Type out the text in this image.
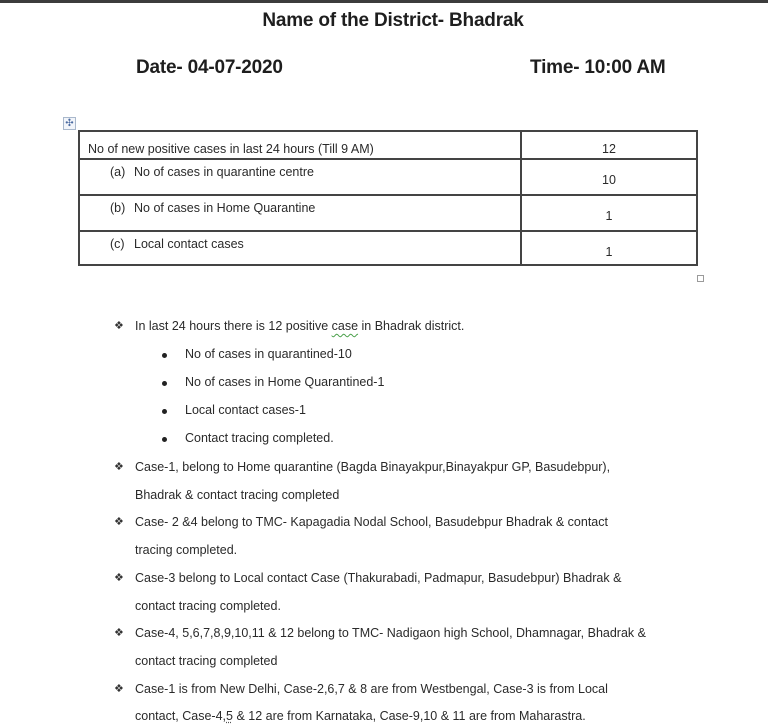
Name of the District- Bhadrak
Date- 04-07-2020	Time- 10:00 AM
✣
No of new positive cases in last 24 hours (Till 9 AM)	12
(a) No of cases in quarantine centre	10
(b) No of cases in Home Quarantine	1
(c) Local contact cases	1
❖ In last 24 hours there is 12 positive case in Bhadrak district.
No of cases in quarantined-10
No of cases in Home Quarantined-1
Local contact cases-1
Contact tracing completed.
❖ Case-1, belong to Home quarantine (Bagda Binayakpur,Binayakpur GP, Basudebpur),
Bhadrak & contact tracing completed
❖ Case- 2 &4 belong to TMC- Kapagadia Nodal School, Basudebpur Bhadrak & contact
tracing completed.
❖ Case-3 belong to Local contact Case (Thakurabadi, Padmapur, Basudebpur) Bhadrak &
contact tracing completed.
❖ Case-4, 5,6,7,8,9,10,11 & 12 belong to TMC- Nadigaon high School, Dhamnagar, Bhadrak &
contact tracing completed
❖ Case-1 is from New Delhi, Case-2,6,7 & 8 are from Westbengal, Case-3 is from Local
contact, Case-4,5 & 12 are from Karnataka, Case-9,10 & 11 are from Maharastra.
